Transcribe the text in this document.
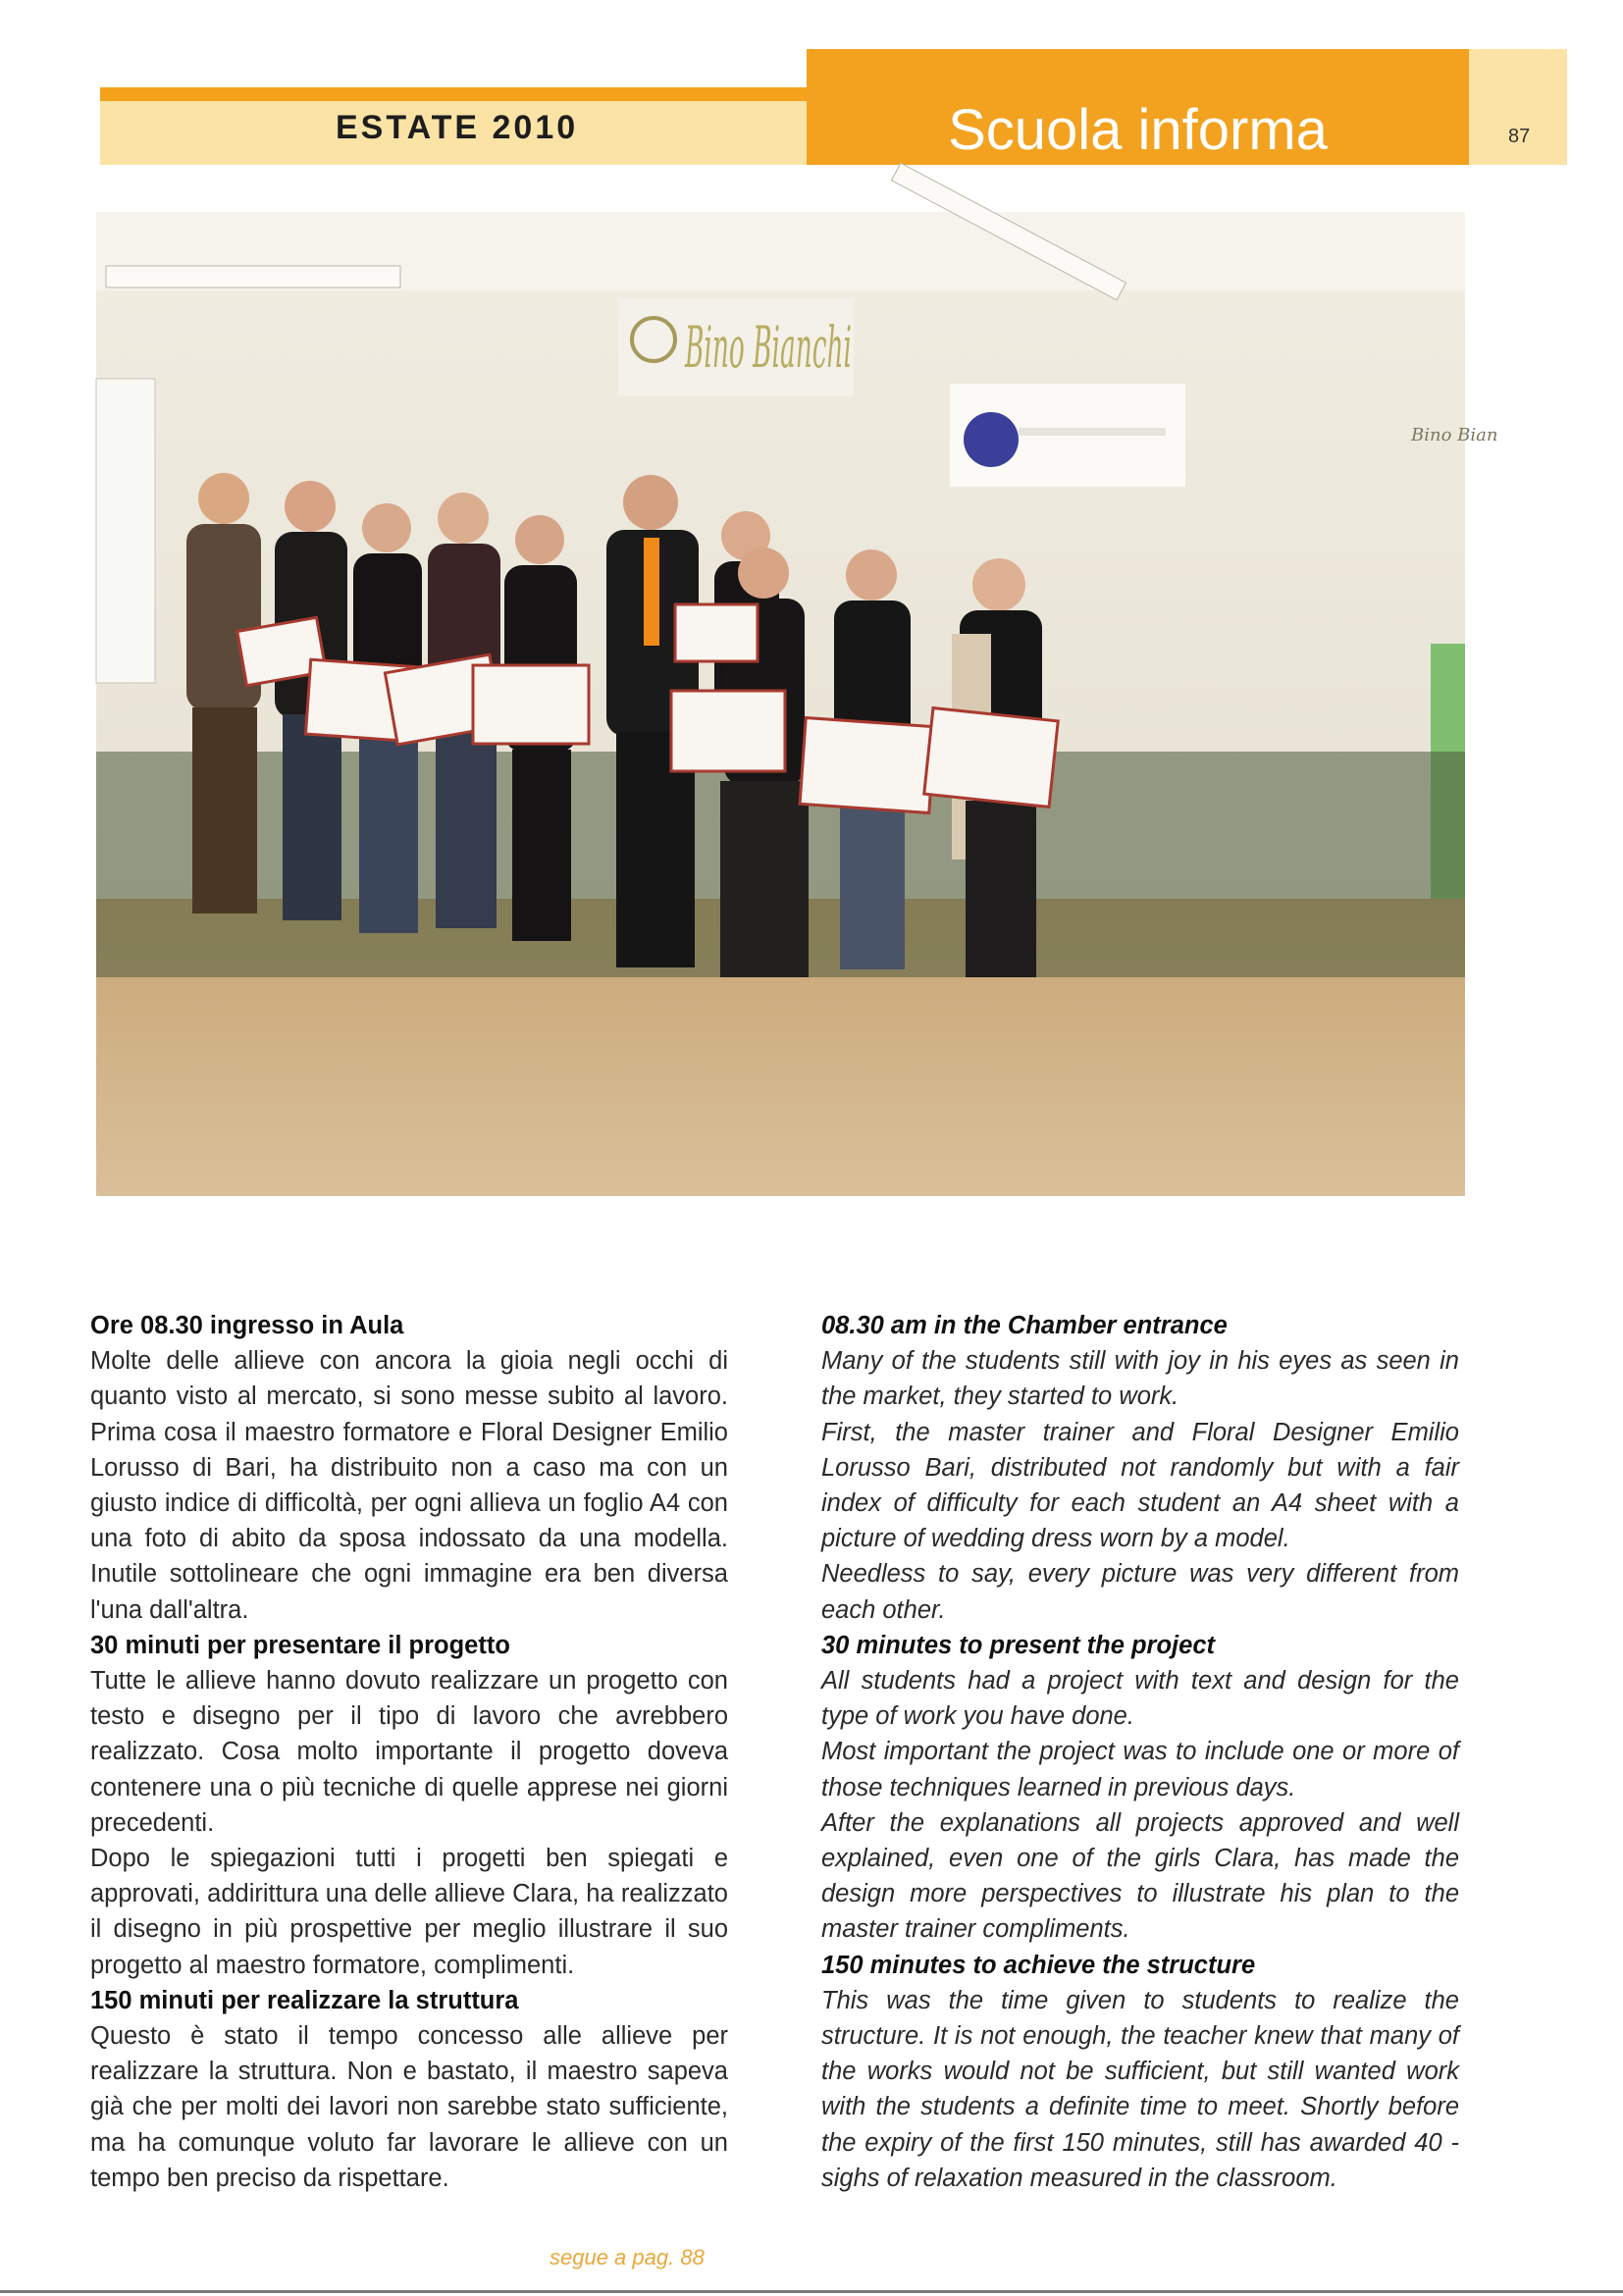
ESTATE 2010	Scuola informa	87
Bino Bianchi
Bino Bian

Ore 08.30 ingresso in Aula

Molte delle allieve con ancora la gioia negli occhi di quanto visto al mercato, si sono messe subito al lavoro. Prima cosa il maestro formatore e Floral Designer Emilio Lorusso di Bari, ha distribuito non a caso ma con un giusto indice di difficoltà, per ogni allieva un foglio A4 con una foto di abito da sposa indossato da una modella. Inutile sottolineare che ogni immagine era ben diversa l'una dall'altra.

30 minuti per presentare il progetto

Tutte le allieve hanno dovuto realizzare un progetto con testo e disegno per il tipo di lavoro che avrebbero realizzato. Cosa molto importante il progetto doveva contenere una o più tecniche di quelle apprese nei giorni precedenti.

Dopo le spiegazioni tutti i progetti ben spiegati e approvati, addirittura una delle allieve Clara, ha realizzato il disegno in più prospettive per meglio illustrare il suo progetto al maestro formatore, complimenti.

150 minuti per realizzare la struttura

Questo è stato il tempo concesso alle allieve per realizzare la struttura. Non e bastato, il maestro sapeva già che per molti dei lavori non sarebbe stato sufficiente, ma ha comunque voluto far lavorare le allieve con un tempo ben preciso da rispettare.

08.30 am in the Chamber entrance

Many of the students still with joy in his eyes as seen in the market, they started to work.

First, the master trainer and Floral Designer Emilio Lorusso Bari, distributed not randomly but with a fair index of difficulty for each student an A4 sheet with a picture of wedding dress worn by a model.

Needless to say, every picture was very different from each other.

30 minutes to present the project

All students had a project with text and design for the type of work you have done.

Most important the project was to include one or more of those techniques learned in previous days.

After the explanations all projects approved and well explained, even one of the girls Clara, has made the design more perspectives to illustrate his plan to the master trainer compliments.

150 minutes to achieve the structure

This was the time given to students to realize the structure. It is not enough, the teacher knew that many of the works would not be sufficient, but still wanted work with the students a definite time to meet. Shortly before the expiry of the first 150 minutes, still has awarded 40 - sighs of relaxation measured in the classroom.

segue a pag. 88
